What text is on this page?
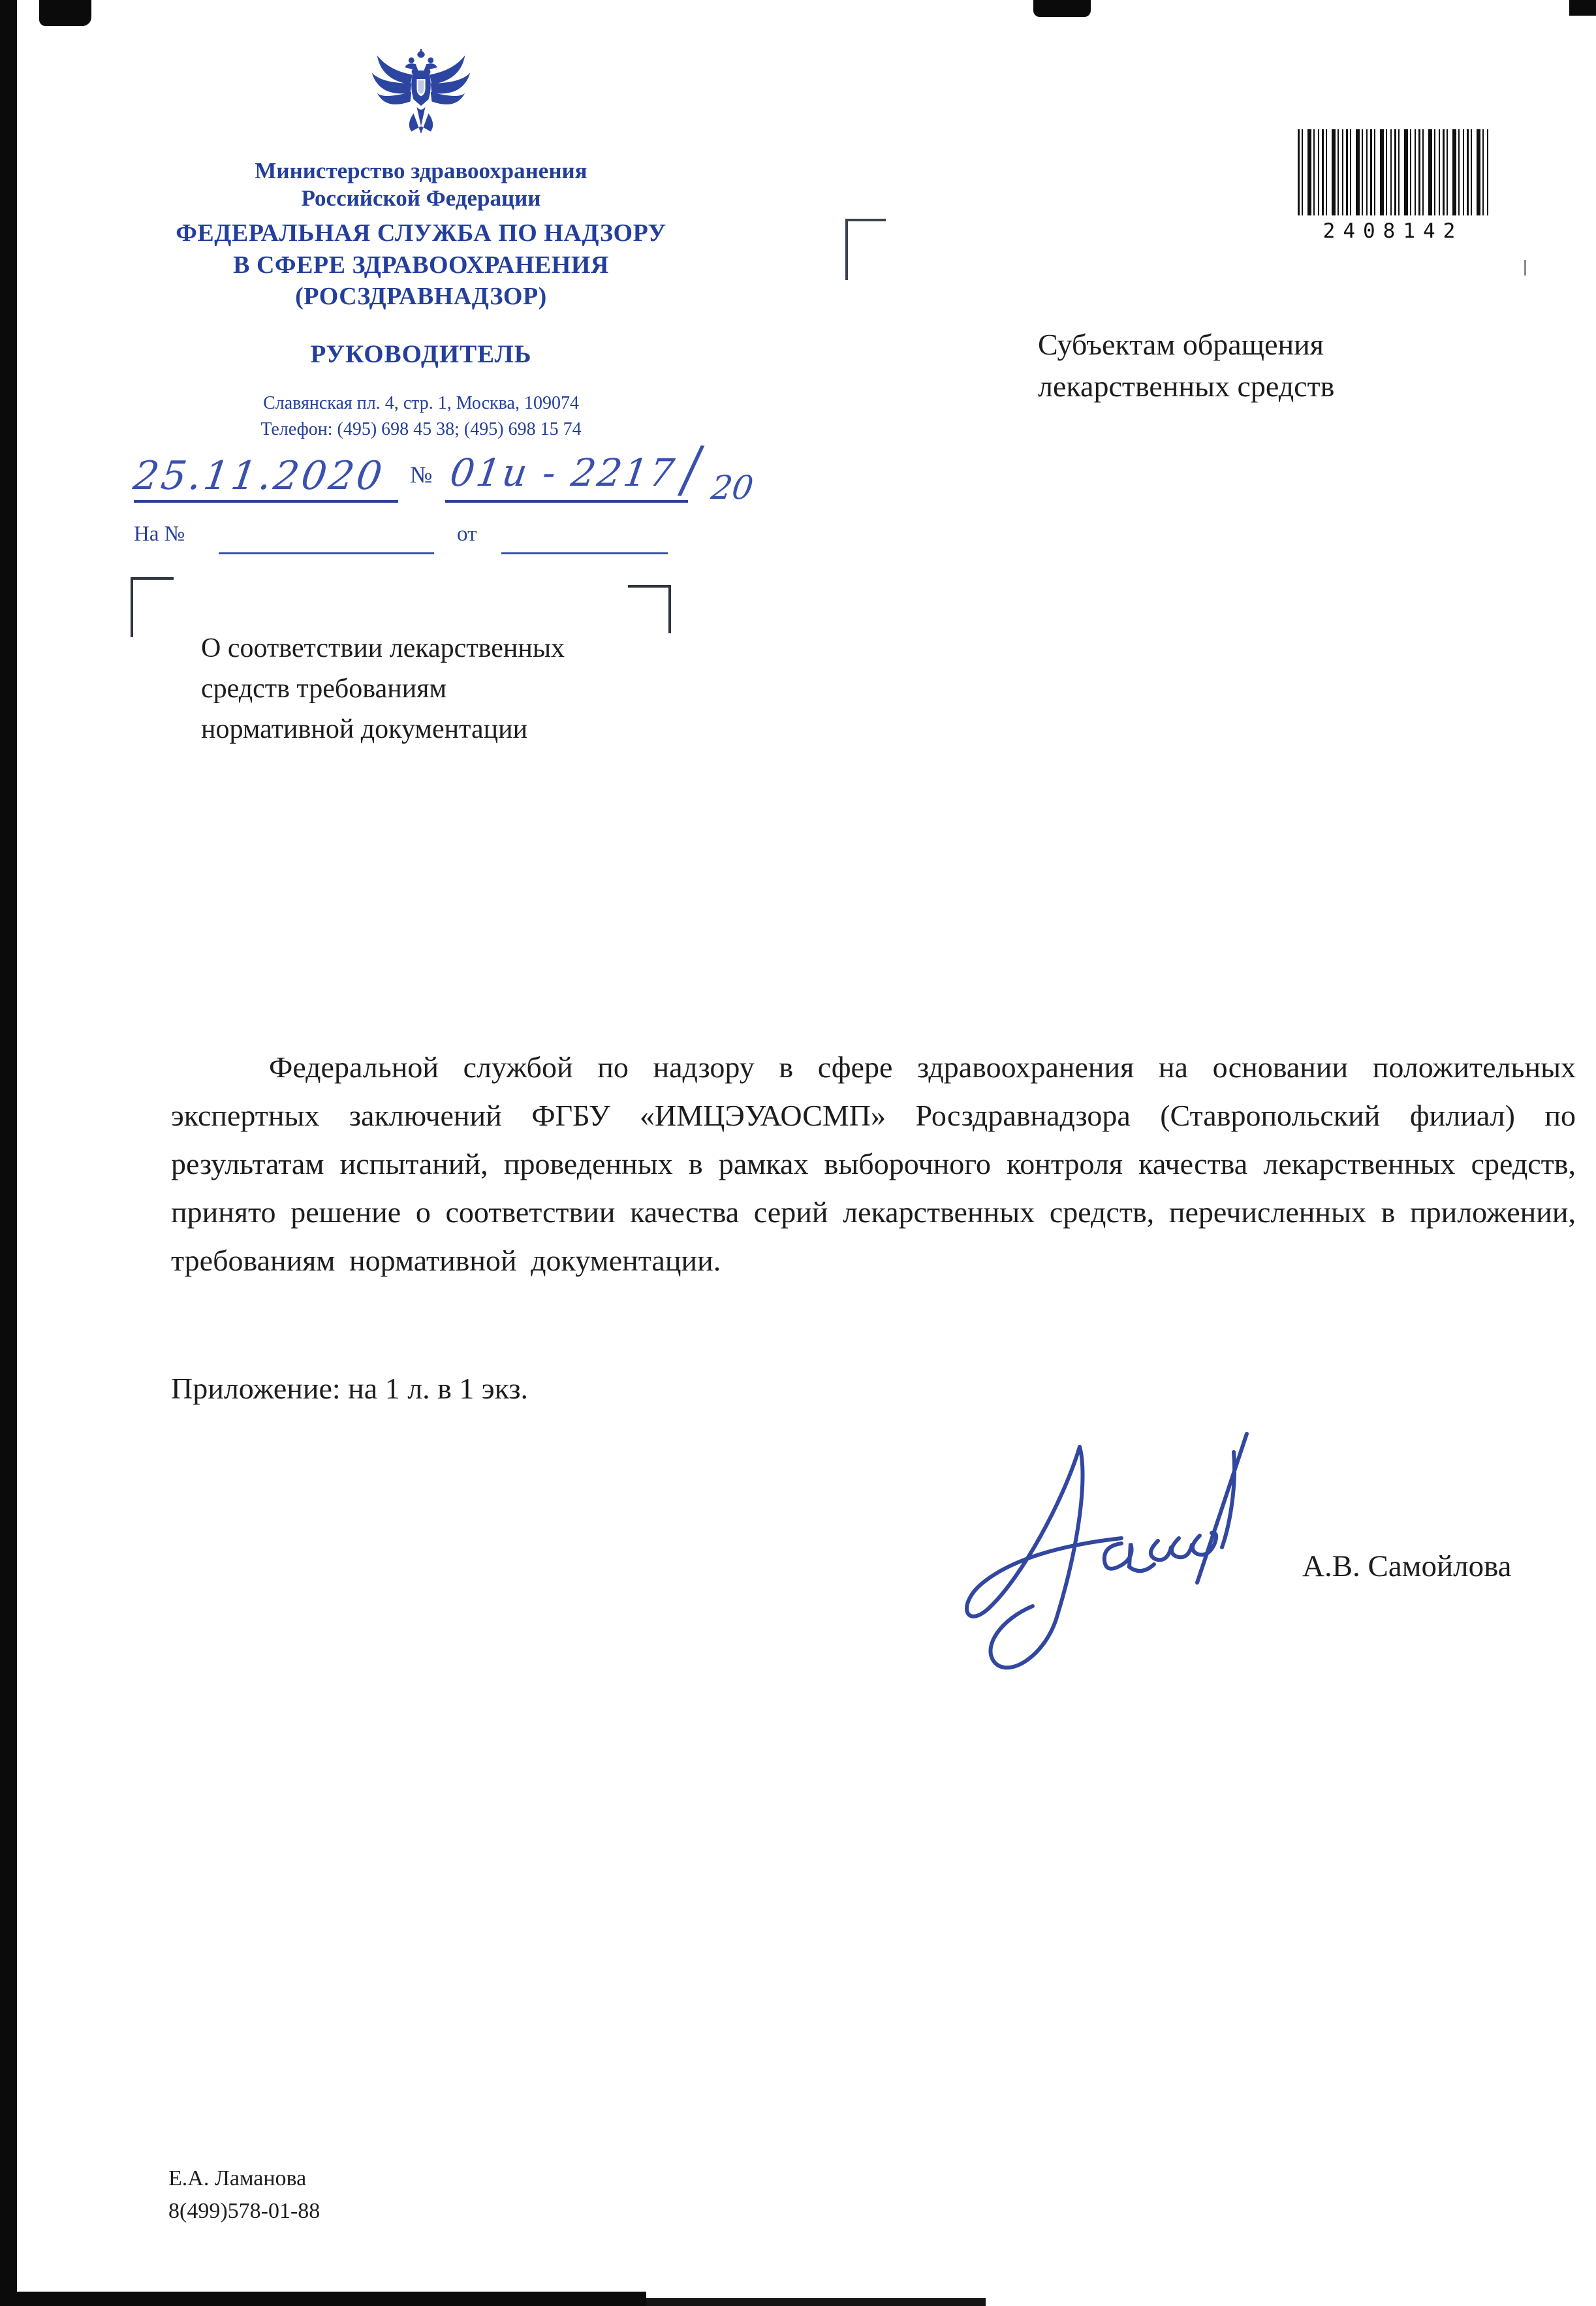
Министерство здравоохранения
Российской Федерации
ФЕДЕРАЛЬНАЯ СЛУЖБА ПО НАДЗОРУ
В СФЕРЕ ЗДРАВООХРАНЕНИЯ
(РОСЗДРАВНАДЗОР)
РУКОВОДИТЕЛЬ
Славянская пл. 4, стр. 1, Москва, 109074
Телефон: (495) 698 45 38; (495) 698 15 74
25.11.2020 № 01и - 2217
/ 20
На №	от
2408142
Субъектам обращения
лекарственных средств
О соответствии лекарственных
средств требованиям
нормативной документации

Федеральной службой по надзору в сфере здравоохранения на основании положительных экспертных заключений ФГБУ «ИМЦЭУАОСМП» Росздравнадзора (Ставропольский филиал) по результатам испытаний, проведенных в рамках выборочного контроля качества лекарственных средств, принято решение о соответствии качества серий лекарственных средств, перечисленных в приложении, требованиям нормативной документации.

Приложение: на 1 л. в 1 экз.
А.В. Самойлова
Е.А. Ламанова
8(499)578-01-88
